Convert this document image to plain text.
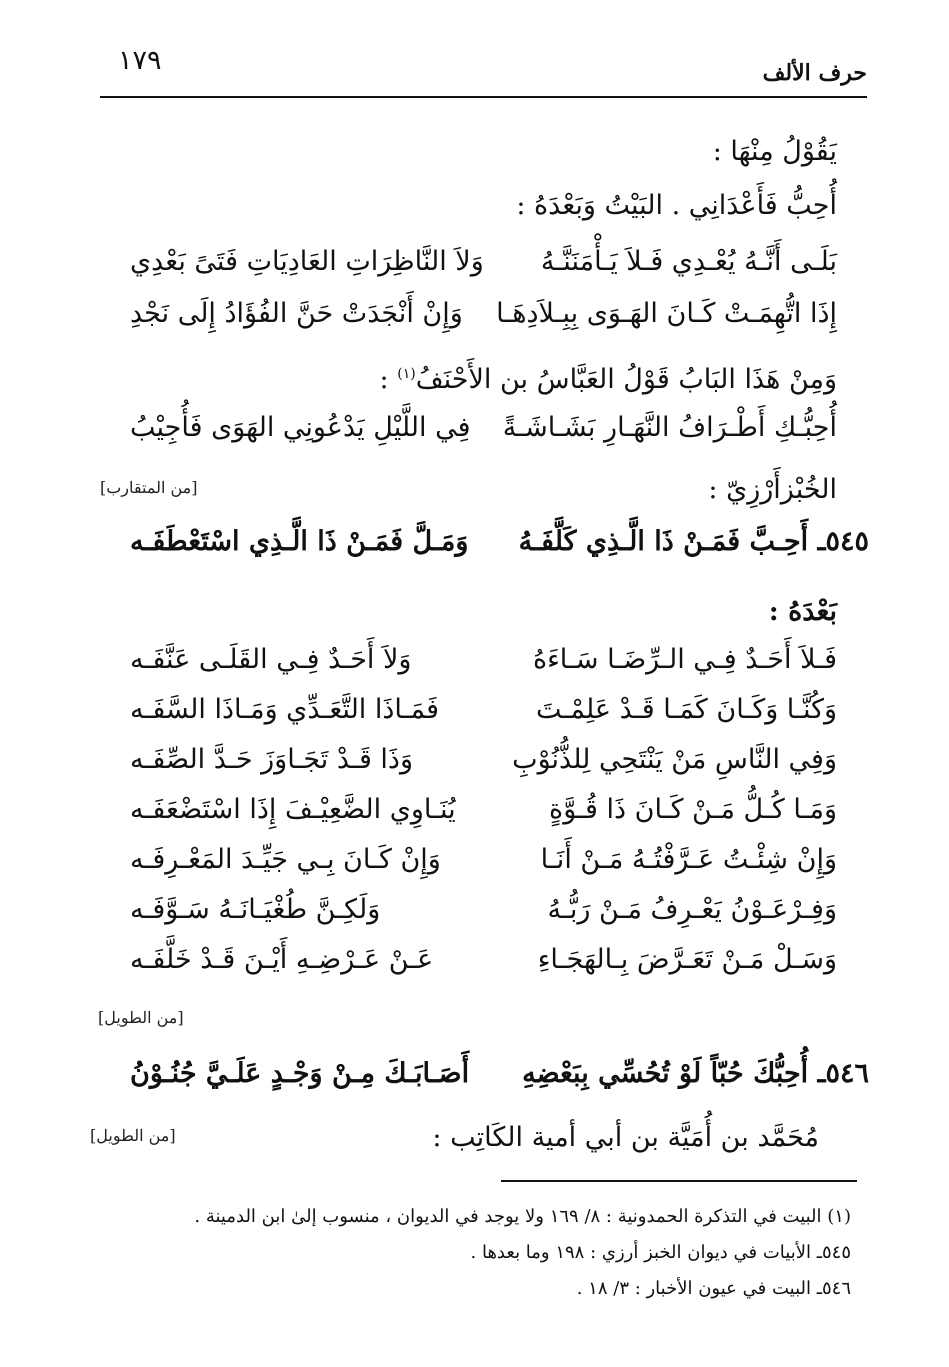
حرف الألف
١٧٩
يَقُوْلُ مِنْهَا :
أُحِبُّ فَأَعْدَانِي . البَيْتُ وَبَعْدَهُ :
بَلَـى أَنَّـهُ يُعْـدِي فَـلاَ يَـأْمَنَنَّـهُ
وَلاَ النَّاظِرَاتِ العَادِيَاتِ فَتَىً بَعْدِي
إِذَا اتُّهِمَـتْ كَـانَ الهَـوَى بِبِـلاَدِهَـا
وَإِنْ أَنْجَدَتْ حَنَّ الفُؤَادُ إِلَى نَجْدِ
وَمِنْ هَذَا البَابُ قَوْلُ العَبَّاسُ بن الأَحْنَفُ$^{(١)}$ :
أُحِبُّـكِ أَطْـرَافُ النَّهَـارِ بَشَـاشَـةً
فِي اللَّيْلِ يَدْعُونِي الهَوَى فَأُجِيْبُ
[من المتقارب]	الخُبْزأَرْزِيّ :
٥٤٥ـ أَحِـبَّ فَمَـنْ ذَا الَّـذِي كَلَّفَـهُ
وَمَـلَّ فَمَـنْ ذَا الَّـذِي اسْتَعْطَفَـه
بَعْدَهُ :
فَـلاَ أَحَـدٌ فِـي الـرِّضَـا سَـاءَهُ
وَلاَ أَحَـدٌ فِـي القَلَـى عَنَّفَـه
وَكُنَّـا وَكَـانَ كَمَـا قَـدْ عَلِمْـتَ
فَمَـاذَا التَّعَـدِّي وَمَـاذَا السَّفَـه
وَفِي النَّاسِ مَنْ يَنْتَحِي لِلذُّنُوْبِ
وَذَا قَـدْ تَجَـاوَزَ حَـدَّ الصِّفَـه
وَمَـا كُـلُّ مَـنْ كَـانَ ذَا قُـوَّةٍ
يُنَـاوِي الضَّعِيْـفَ إِذَا اسْتَضْعَفَـه
وَإِنْ شِئْـتُ عَـرَّفْتُـهُ مَـنْ أَنَـا
وَإِنْ كَـانَ بِـي جَيِّـدَ المَعْـرِفَـه
وَفِـرْعَـوْنُ يَعْـرِفُ مَـنْ رَبُّـهُ
وَلَكِـنَّ طُغْيَـانَـهُ سَـوَّفَـه
وَسَـلْ مَـنْ تَعَـرَّضَ بِـالهَجَـاءِ
عَـنْ عَـرْضِـهِ أَيْـنَ قَـدْ خَلَّفَـه
[من الطويل]
٥٤٦ـ أُحِبُّكَ حُبّاً لَوْ تُحُسِّي بِبَعْضِهِ
أَصَـابَـكَ مِـنْ وَجْـدٍ عَلَـيَّ جُنُـوْنُ
[من الطويل]	مُحَمَّد بن أُمَيَّة بن أبي أمية الكَاتِب :
(١) البيت في التذكرة الحمدونية : ٨/ ١٦٩ ولا يوجد في الديوان ، منسوب إلىٰ ابن الدمينة .
٥٤٥ـ الأبيات في ديوان الخبز أرزي : ١٩٨ وما بعدها .
٥٤٦ـ البيت في عيون الأخبار : ٣/ ١٨ .
